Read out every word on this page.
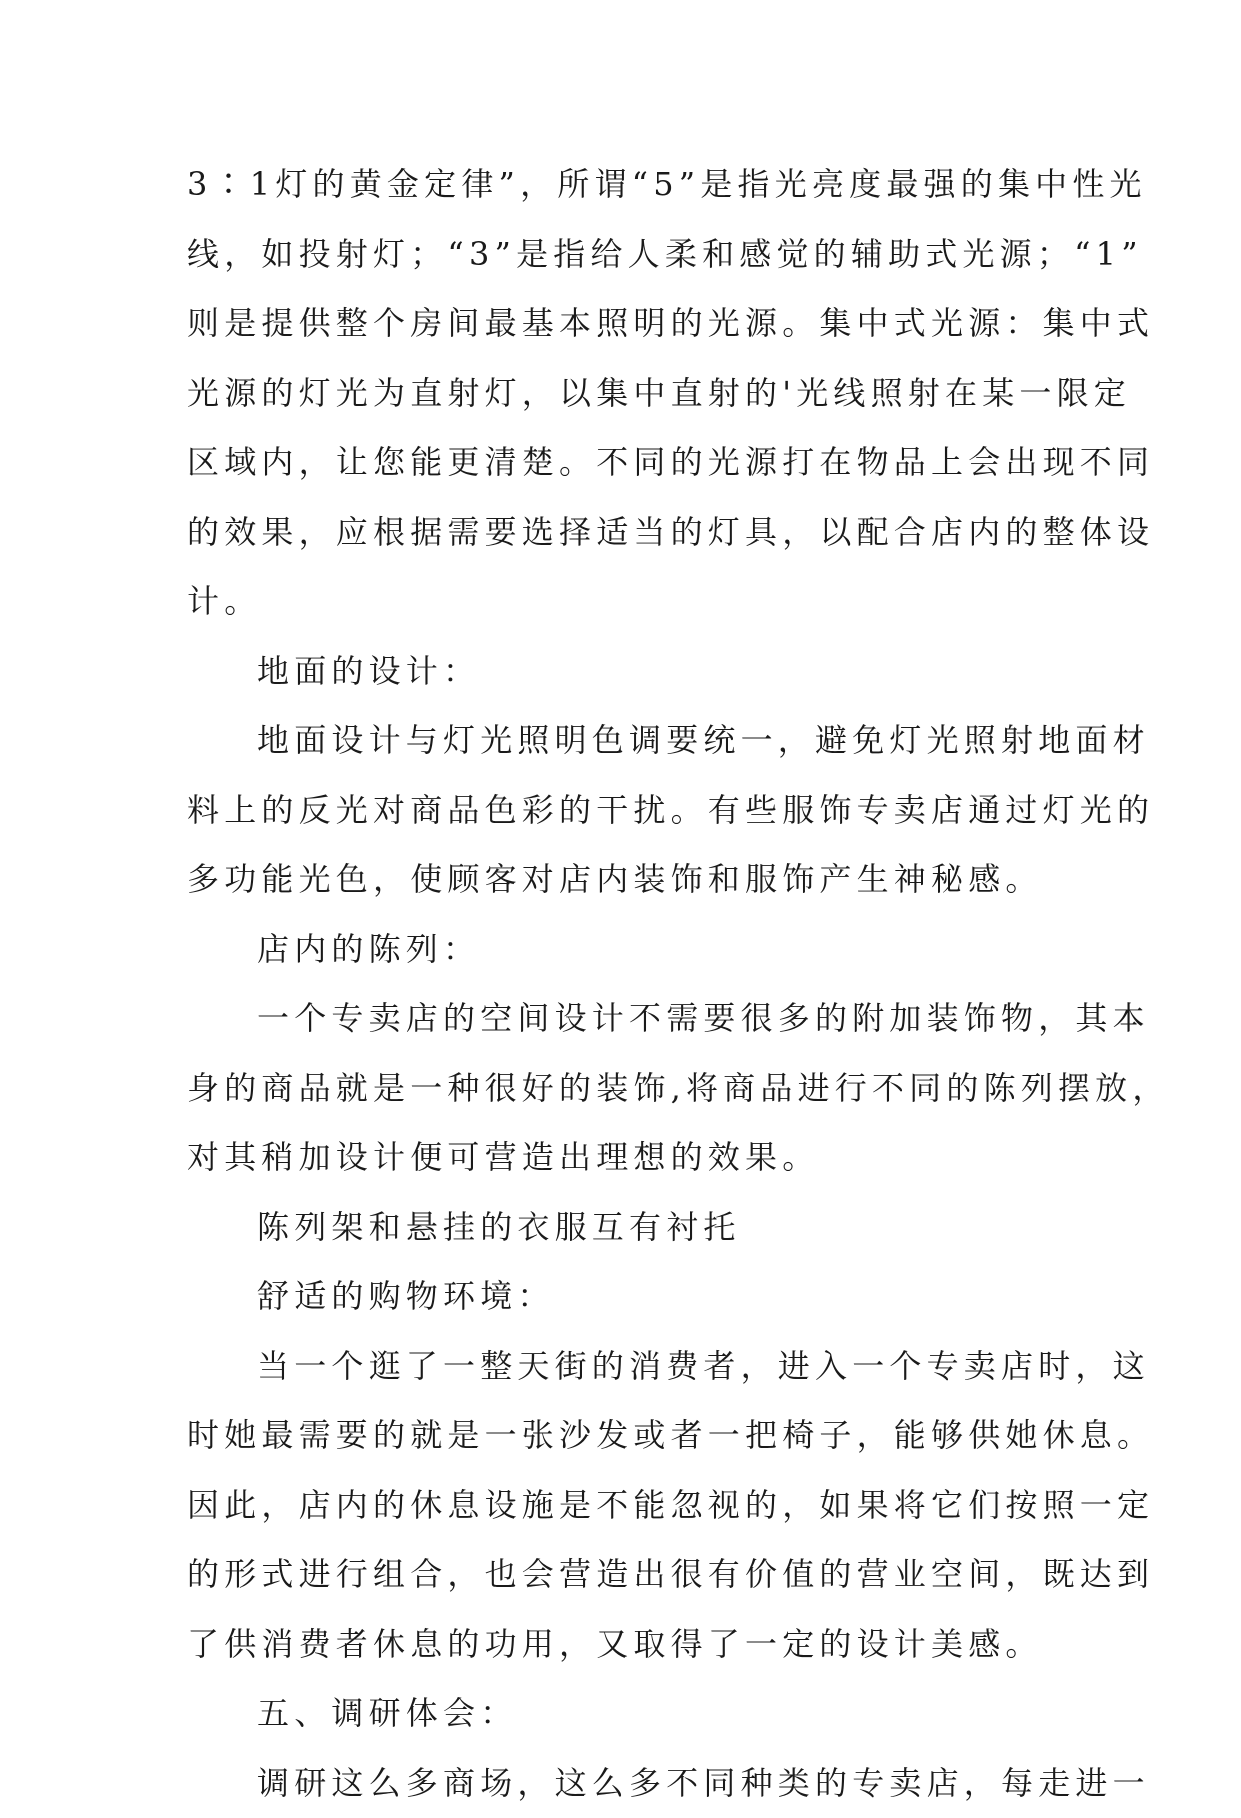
3∶1灯的黄金定律”，所谓“5”是指光亮度最强的集中性光
线，如投射灯；“3”是指给人柔和感觉的辅助式光源；“1”
则是提供整个房间最基本照明的光源。集中式光源：集中式
光源的灯光为直射灯，以集中直射的'光线照射在某一限定
区域内，让您能更清楚。不同的光源打在物品上会出现不同
的效果，应根据需要选择适当的灯具，以配合店内的整体设
计。
地面的设计：
地面设计与灯光照明色调要统一，避免灯光照射地面材
料上的反光对商品色彩的干扰。有些服饰专卖店通过灯光的
多功能光色，使顾客对店内装饰和服饰产生神秘感。
店内的陈列：
一个专卖店的空间设计不需要很多的附加装饰物，其本
身的商品就是一种很好的装饰,将商品进行不同的陈列摆放，
对其稍加设计便可营造出理想的效果。
陈列架和悬挂的衣服互有衬托
舒适的购物环境：
当一个逛了一整天街的消费者，进入一个专卖店时，这
时她最需要的就是一张沙发或者一把椅子，能够供她休息。
因此，店内的休息设施是不能忽视的，如果将它们按照一定
的形式进行组合，也会营造出很有价值的营业空间，既达到
了供消费者休息的功用，又取得了一定的设计美感。
五、调研体会：
调研这么多商场，这么多不同种类的专卖店，每走进一
